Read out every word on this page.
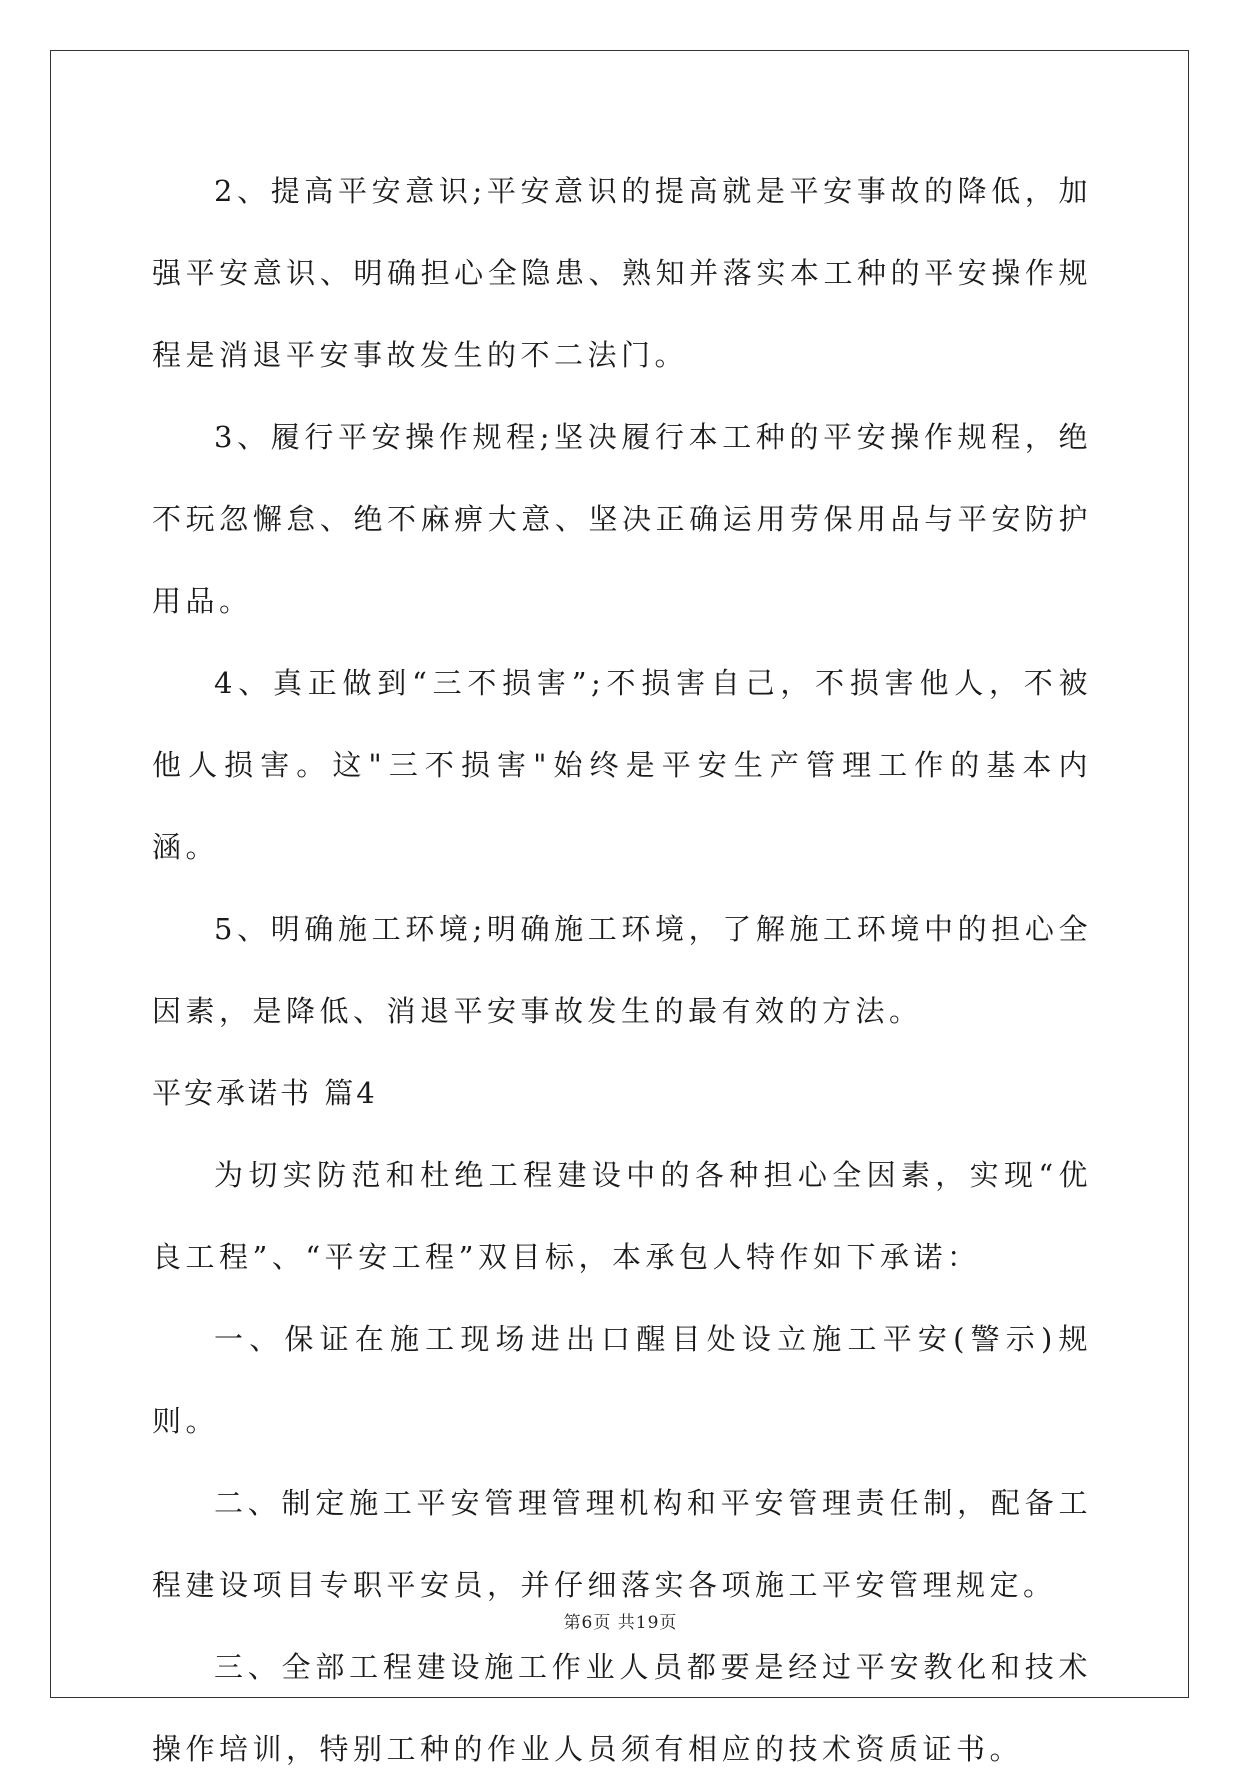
2、提高平安意识;平安意识的提高就是平安事故的降低，加强平安意识、明确担心全隐患、熟知并落实本工种的平安操作规程是消退平安事故发生的不二法门。

3、履行平安操作规程;坚决履行本工种的平安操作规程，绝不玩忽懈怠、绝不麻痹大意、坚决正确运用劳保用品与平安防护用品。

4、真正做到“三不损害”;不损害自己，不损害他人，不被他人损害。这"三不损害"始终是平安生产管理工作的基本内涵。

5、明确施工环境;明确施工环境，了解施工环境中的担心全因素，是降低、消退平安事故发生的最有效的方法。

平安承诺书 篇4

为切实防范和杜绝工程建设中的各种担心全因素，实现“优良工程”、“平安工程”双目标，本承包人特作如下承诺：

一、保证在施工现场进出口醒目处设立施工平安(警示)规则。

二、制定施工平安管理管理机构和平安管理责任制，配备工程建设项目专职平安员，并仔细落实各项施工平安管理规定。

三、全部工程建设施工作业人员都要是经过平安教化和技术操作培训，特别工种的作业人员须有相应的技术资质证书。

第6页 共19页
